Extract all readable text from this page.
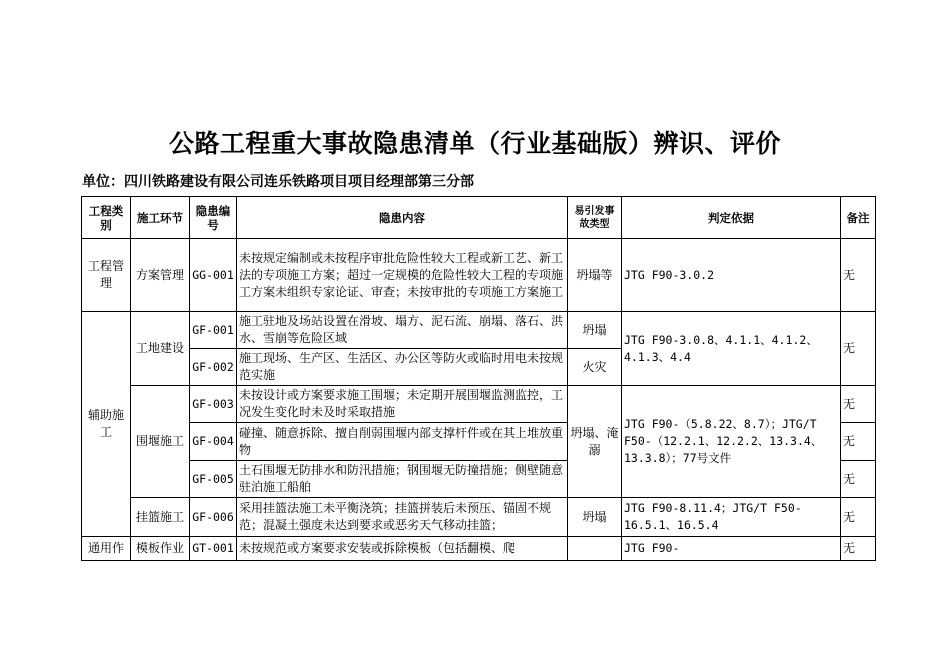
公路工程重大事故隐患清单（行业基础版）辨识、评价
单位：四川铁路建设有限公司连乐铁路项目项目经理部第三分部
工程类别	施工环节	隐患编号	隐患内容	易引发事故类型	判定依据	备注
工程管理	方案管理	GG-001	未按规定编制或未按程序审批危险性较大工程或新工艺、新工法的专项施工方案；超过一定规模的危险性较大工程的专项施工方案未组织专家论证、审查；未按审批的专项施工方案施工	坍塌等	JTG F90-3.0.2	无
辅助施工	工地建设	GF-001	施工驻地及场站设置在滑坡、塌方、泥石流、崩塌、落石、洪水、雪崩等危险区域	坍塌	JTG F90-3.0.8、4.1.1、4.1.2、4.1.3、4.4	无
		GF-002	施工现场、生产区、生活区、办公区等防火或临时用电未按规范实施	火灾		
	围堰施工	GF-003	未按设计或方案要求施工围堰；未定期开展围堰监测监控，工况发生变化时未及时采取措施	坍塌、淹溺	JTG F90-（5.8.22、8.7）；JTG/T F50-（12.2.1、12.2.2、13.3.4、 13.3.8）；77号文件	无
		GF-004	碰撞、随意拆除、擅自削弱围堰内部支撑杆件或在其上堆放重物			无
		GF-005	土石围堰无防排水和防汛措施；钢围堰无防撞措施；侧壁随意驻泊施工船舶			无
	挂篮施工	GF-006	采用挂篮法施工未平衡浇筑；挂篮拼装后未预压、锚固不规范；混凝土强度未达到要求或恶劣天气移动挂篮；	坍塌	JTG F90-8.11.4；JTG/T F50-16.5.1、16.5.4	无
通用作	模板作业	GT-001	未按规范或方案要求安装或拆除模板（包括翻模、爬		JTG F90-	无
